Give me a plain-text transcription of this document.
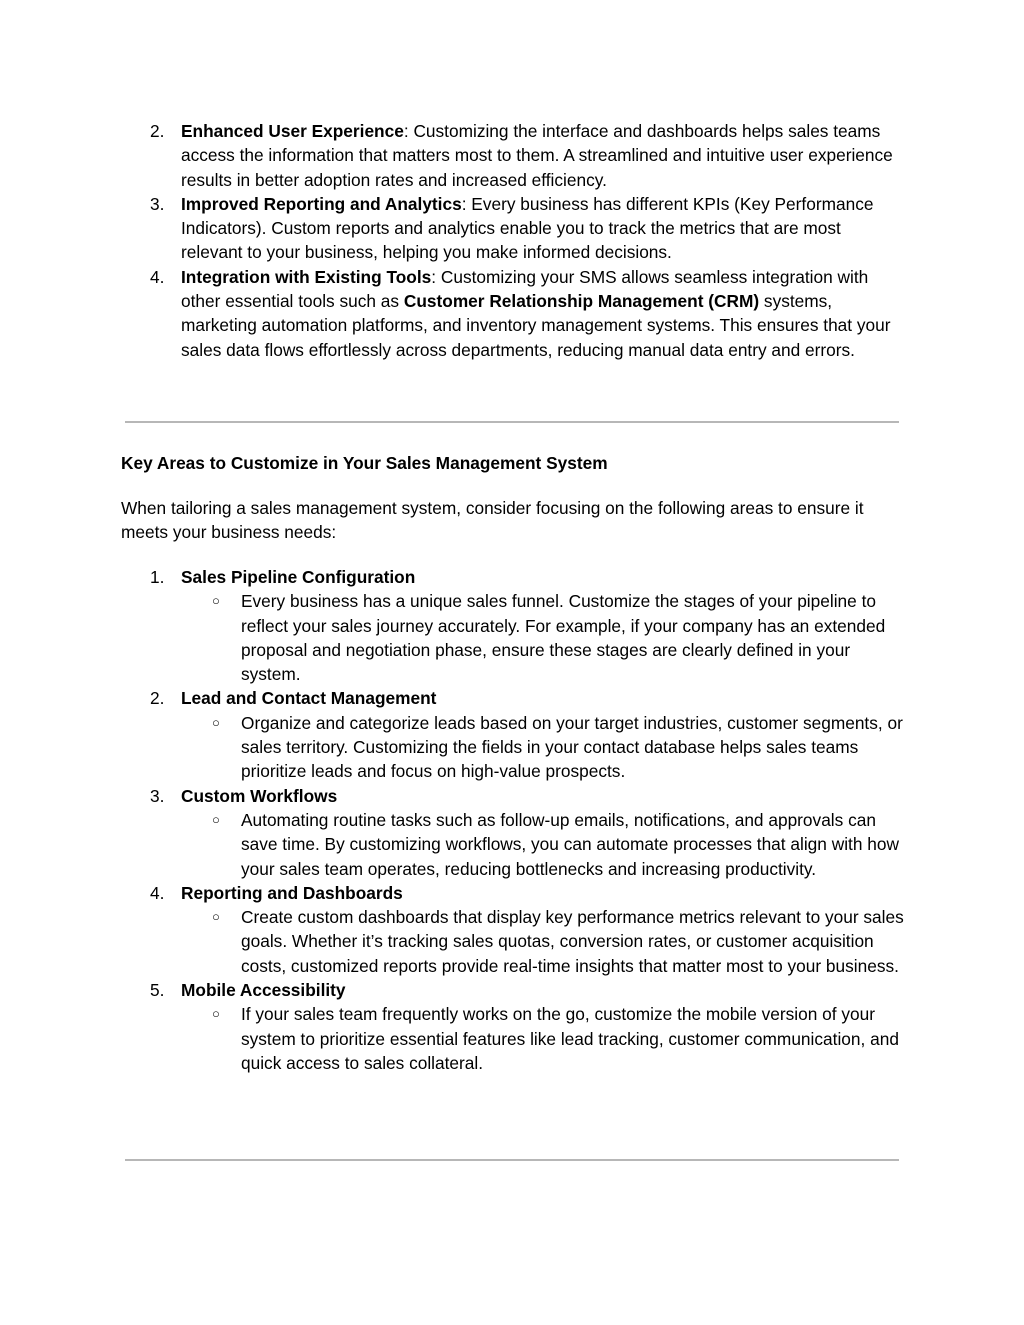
2. Enhanced User Experience: Customizing the interface and dashboards helps sales teams access the information that matters most to them. A streamlined and intuitive user experience results in better adoption rates and increased efficiency.
3. Improved Reporting and Analytics: Every business has different KPIs (Key Performance Indicators). Custom reports and analytics enable you to track the metrics that are most relevant to your business, helping you make informed decisions.
4. Integration with Existing Tools: Customizing your SMS allows seamless integration with other essential tools such as Customer Relationship Management (CRM) systems, marketing automation platforms, and inventory management systems. This ensures that your sales data flows effortlessly across departments, reducing manual data entry and errors.
Key Areas to Customize in Your Sales Management System
When tailoring a sales management system, consider focusing on the following areas to ensure it meets your business needs:
1. Sales Pipeline Configuration
○ Every business has a unique sales funnel. Customize the stages of your pipeline to reflect your sales journey accurately. For example, if your company has an extended proposal and negotiation phase, ensure these stages are clearly defined in your system.
2. Lead and Contact Management
○ Organize and categorize leads based on your target industries, customer segments, or sales territory. Customizing the fields in your contact database helps sales teams prioritize leads and focus on high-value prospects.
3. Custom Workflows
○ Automating routine tasks such as follow-up emails, notifications, and approvals can save time. By customizing workflows, you can automate processes that align with how your sales team operates, reducing bottlenecks and increasing productivity.
4. Reporting and Dashboards
○ Create custom dashboards that display key performance metrics relevant to your sales goals. Whether it’s tracking sales quotas, conversion rates, or customer acquisition costs, customized reports provide real-time insights that matter most to your business.
5. Mobile Accessibility
○ If your sales team frequently works on the go, customize the mobile version of your system to prioritize essential features like lead tracking, customer communication, and quick access to sales collateral.
